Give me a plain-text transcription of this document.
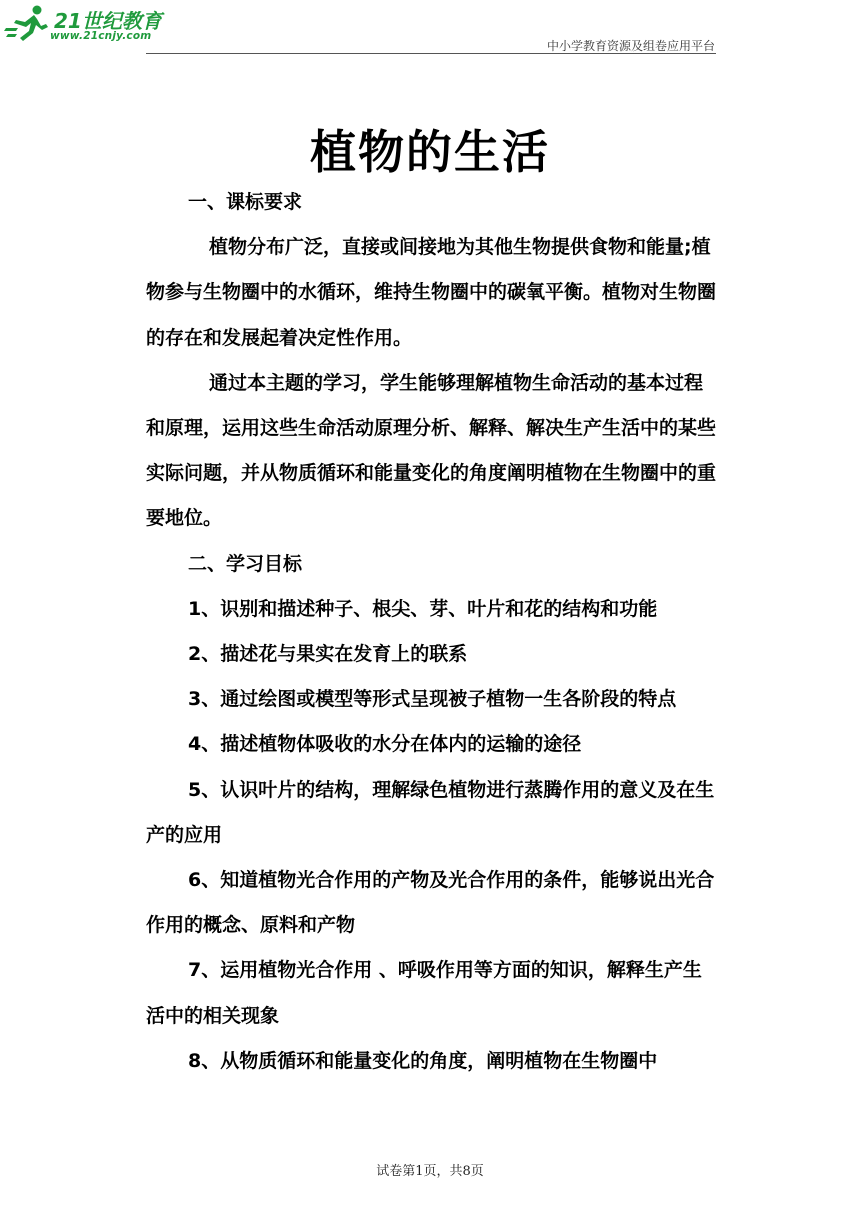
21世纪教育
www.21cnjy.com
中小学教育资源及组卷应用平台
植物的生活

一、课标要求

植物分布广泛，直接或间接地为其他生物提供食物和能量;植物参与生物圈中的水循环，维持生物圈中的碳氧平衡。植物对生物圈的存在和发展起着决定性作用。

通过本主题的学习，学生能够理解植物生命活动的基本过程和原理，运用这些生命活动原理分析、解释、解决生产生活中的某些实际问题，并从物质循环和能量变化的角度阐明植物在生物圈中的重要地位。

二、学习目标

1、识别和描述种子、根尖、芽、叶片和花的结构和功能

2、描述花与果实在发育上的联系

3、通过绘图或模型等形式呈现被子植物一生各阶段的特点

4、描述植物体吸收的水分在体内的运输的途径

5、认识叶片的结构，理解绿色植物进行蒸腾作用的意义及在生产的应用

6、知道植物光合作用的产物及光合作用的条件，能够说出光合作用的概念、原料和产物

7、运用植物光合作用 、呼吸作用等方面的知识，解释生产生活中的相关现象

8、从物质循环和能量变化的角度，阐明植物在生物圈中

试卷第1页，共8页
